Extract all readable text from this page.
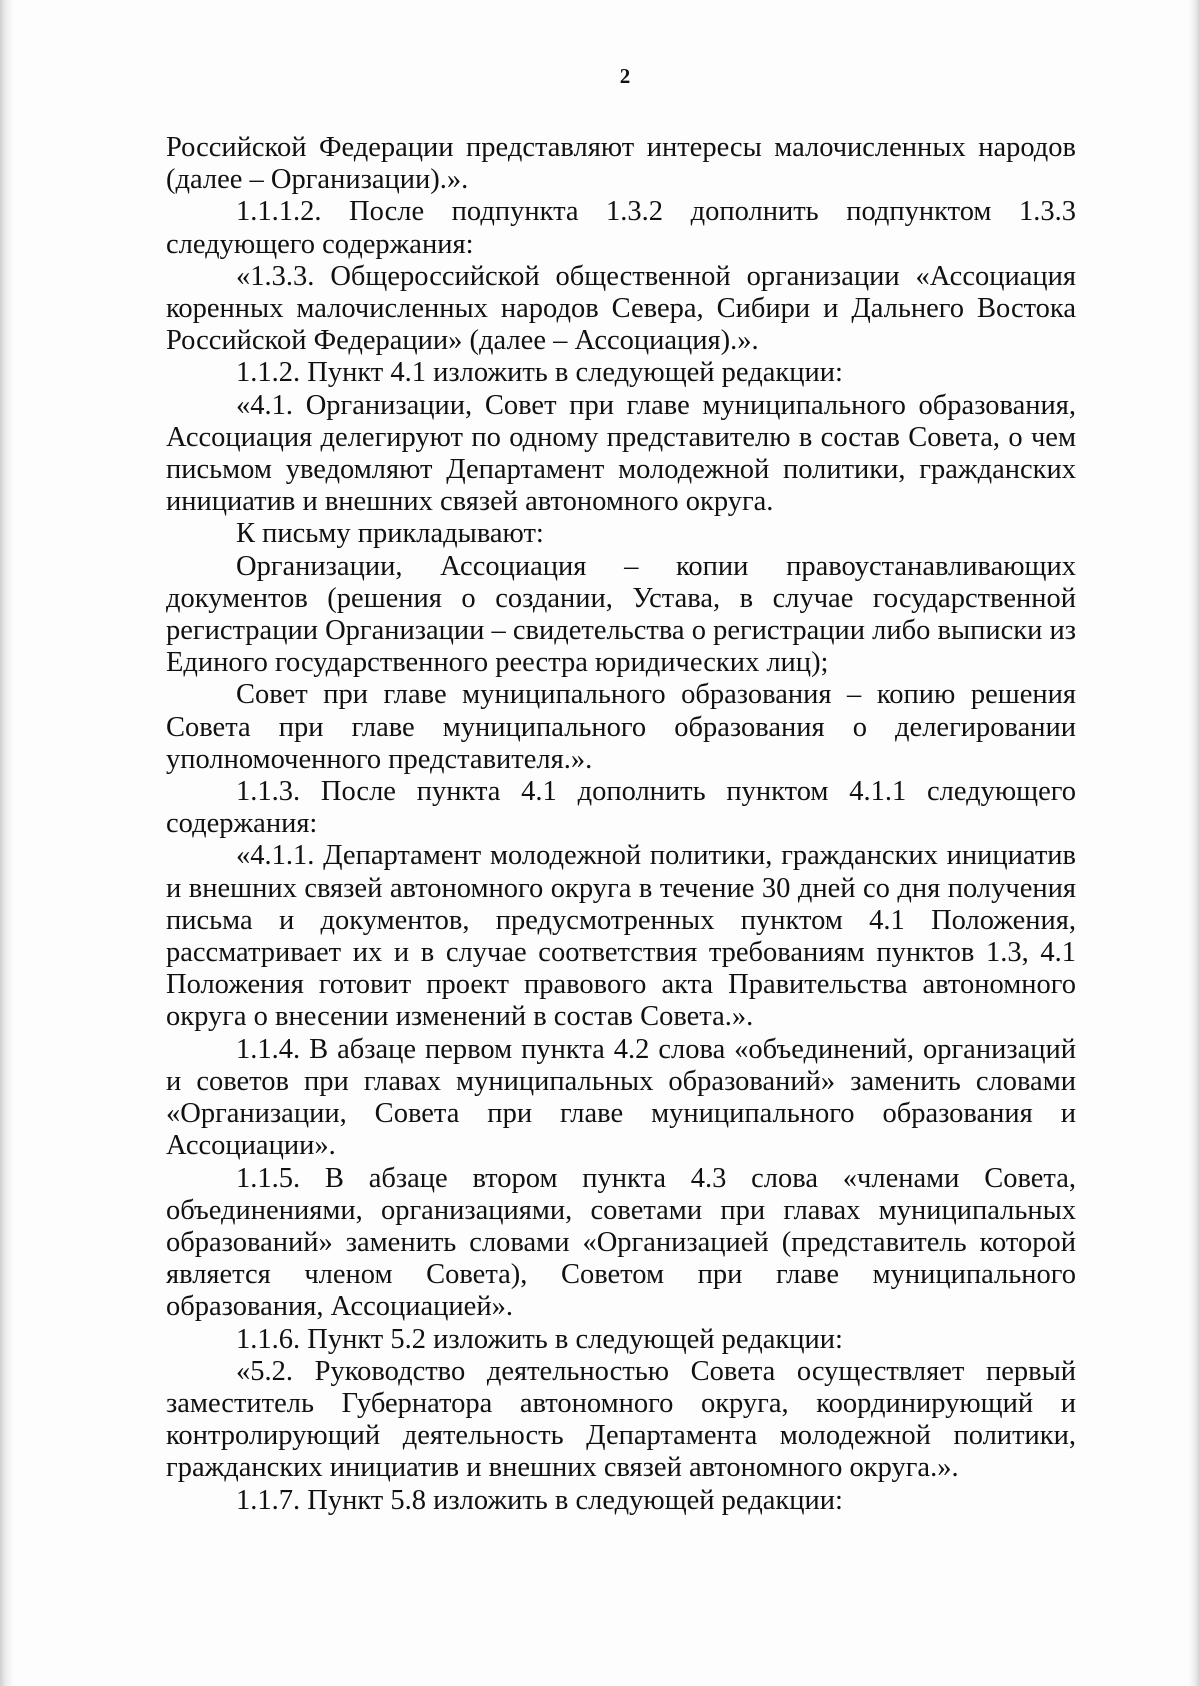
2

Российской Федерации представляют интересы малочисленных народов (далее – Организации).».

1.1.1.2. После подпункта 1.3.2 дополнить подпунктом 1.3.3 следующего содержания:

«1.3.3. Общероссийской общественной организации «Ассоциация коренных малочисленных народов Севера, Сибири и Дальнего Востока Российской Федерации» (далее – Ассоциация).».

1.1.2. Пункт 4.1 изложить в следующей редакции:

«4.1. Организации, Совет при главе муниципального образования, Ассоциация делегируют по одному представителю в состав Совета, о чем письмом уведомляют Департамент молодежной политики, гражданских инициатив и внешних связей автономного округа.

К письму прикладывают:

Организации, Ассоциация – копии правоустанавливающих документов (решения о создании, Устава, в случае государственной регистрации Организации – свидетельства о регистрации либо выписки из Единого государственного реестра юридических лиц);

Совет при главе муниципального образования – копию решения Совета при главе муниципального образования о делегировании уполномоченного представителя.».

1.1.3. После пункта 4.1 дополнить пунктом 4.1.1 следующего содержания:

«4.1.1. Департамент молодежной политики, гражданских инициатив и внешних связей автономного округа в течение 30 дней со дня получения письма и документов, предусмотренных пунктом 4.1 Положения, рассматривает их и в случае соответствия требованиям пунктов 1.3, 4.1 Положения готовит проект правового акта Правительства автономного округа о внесении изменений в состав Совета.».

1.1.4. В абзаце первом пункта 4.2 слова «объединений, организаций и советов при главах муниципальных образований» заменить словами «Организации, Совета при главе муниципального образования и Ассоциации».

1.1.5. В абзаце втором пункта 4.3 слова «членами Совета, объединениями, организациями, советами при главах муниципальных образований» заменить словами «Организацией (представитель которой является членом Совета), Советом при главе муниципального образования, Ассоциацией».

1.1.6. Пункт 5.2 изложить в следующей редакции:

«5.2. Руководство деятельностью Совета осуществляет первый заместитель Губернатора автономного округа, координирующий и контролирующий деятельность Департамента молодежной политики, гражданских инициатив и внешних связей автономного округа.».

1.1.7. Пункт 5.8 изложить в следующей редакции:
